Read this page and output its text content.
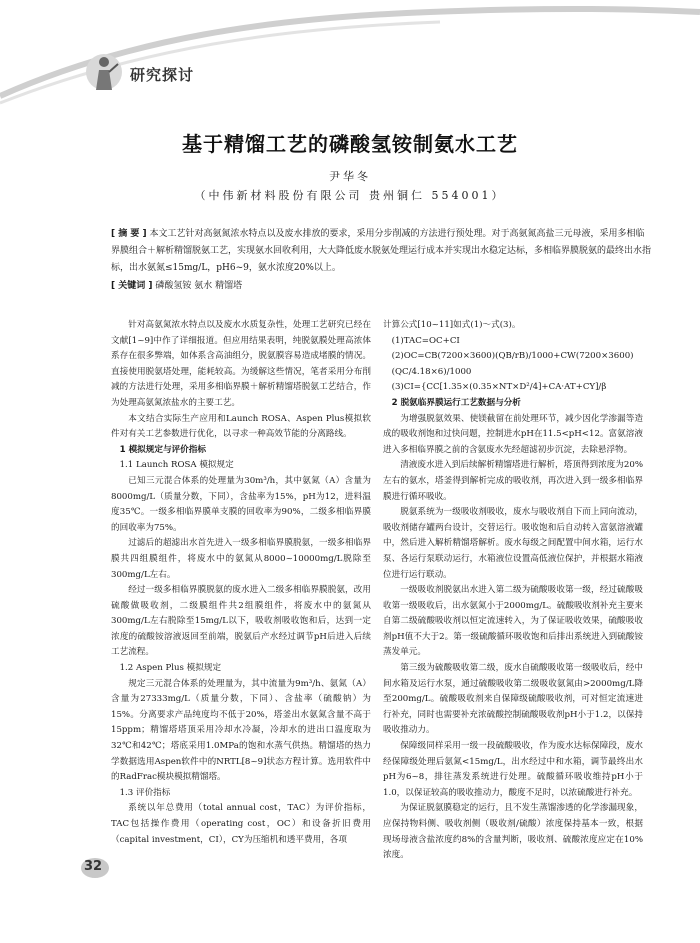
研究探讨
基于精馏工艺的磷酸氢铵制氨水工艺
尹华冬
（中伟新材料股份有限公司 贵州铜仁 554001）
[ 摘 要 ] 本文工艺针对高氨氮浓水特点以及废水排放的要求，采用分步削减的方法进行预处理。对于高氨氮高盐三元母液，采用多相临界膜组合＋解析精馏脱氨工艺，实现氨水回收利用，大大降低废水脱氨处理运行成本并实现出水稳定达标，多相临界膜脱氨的最终出水指标，出水氨氮≤15mg/L，pH6~9，氨水浓度20%以上。
[ 关键词 ] 磷酸氢铵 氨水 精馏塔

针对高氨氮浓水特点以及废水水质复杂性，处理工艺研究已经在文献[1~9]中作了详细报道。但应用结果表明，纯脱氨膜处理高浓体系存在很多弊端，如体系含高油组分，脱氨膜容易造成堵膜的情况。直接使用脱氨塔处理，能耗较高。为缓解这些情况，笔者采用分布削减的方法进行处理，采用多相临界膜＋解析精馏塔脱氨工艺结合，作为处理高氨氮浓盐水的主要工艺。

本文结合实际生产应用和Launch ROSA、Aspen Plus模拟软件对有关工艺参数进行优化，以寻求一种高效节能的分离路线。

1 模拟规定与评价指标

1.1 Launch ROSA 模拟规定

已知三元混合体系的处理量为30m³/h，其中氨氮（A）含量为8000mg/L（质量分数，下同），含盐率为15%，pH为12，进料温度35℃。一级多相临界膜单支膜的回收率为90%，二级多相临界膜的回收率为75%。

过滤后的超滤出水首先进入一级多相临界膜脱氨，一级多相临界膜共四组膜组件，将废水中的氨氮从8000~10000mg/L脱除至300mg/L左右。

经过一级多相临界膜脱氨的废水进入二级多相临界膜脱氨，改用硫酸做吸收剂，二级膜组件共2组膜组件，将废水中的氨氮从300mg/L左右脱除至15mg/L以下，吸收剂吸收饱和后，达到一定浓度的硫酸铵溶液返回至前端，脱氨后产水经过调节pH后进入后续工艺流程。

1.2 Aspen Plus 模拟规定

规定三元混合体系的处理量为，其中流量为9m³/h、氨氮（A）含量为27333mg/L（质量分数，下同）、含盐率（硫酸钠）为15%。分离要求产品纯度均不低于20%，塔釜出水氨氮含量不高于15ppm；精馏塔塔顶采用冷却水冷凝，冷却水的进出口温度取为32℃和42℃；塔底采用1.0MPa的饱和水蒸气供热。精馏塔的热力学数据选用Aspen软件中的NRTL[8~9]状态方程计算。选用软件中的RadFrac模块模拟精馏塔。

1.3 评价指标

系统以年总费用（total annual cost，TAC）为评价指标，TAC包括操作费用（operating cost，OC）和设备折旧费用（capital investment，CI），CY为压缩机和透平费用，各项

计算公式[10~11]如式(1)～式(3)。

(1)TAC=OC+CI

(2)OC=CB(7200×3600)(QB/rB)/1000+CW(7200×3600)(QC/4.18×6)/1000

(3)CI={CC[1.35×(0.35×NT×D²/4]+CA·AT+CY]/β

2 脱氨临界膜运行工艺数据与分析

为增强脱氨效果、使镁截留在前处理环节，减少因化学渗漏等造成的吸收剂饱和过快问题，控制进水pH在11.5<pH<12。富氨溶液进入多相临界膜之前的含氨废水先经超滤初步沉淀，去除悬浮物。

清液废水进入到后续解析精馏塔进行解析，塔顶得到浓度为20%左右的氨水，塔釜得到解析完成的吸收剂，再次进入到一级多相临界膜进行循环吸收。

脱氨系统为一级吸收剂吸收，废水与吸收剂自下而上同向流动，吸收剂储存罐两台设计，交替运行。吸收饱和后自动转入富氨溶液罐中，然后进入解析精馏塔解析。废水每级之间配置中间水箱，运行水泵、各运行泵联动运行，水箱液位设置高低液位保护，并根据水箱液位进行运行联动。

一级吸收剂脱氨出水进入第二级为硫酸吸收第一级，经过硫酸吸收第一级吸收后，出水氨氮小于2000mg/L。硫酸吸收剂补充主要来自第二级硫酸吸收剂以恒定流速转入，为了保证吸收效果，硫酸吸收剂pH值不大于2。第一级硫酸循环吸收饱和后排出系统进入到硫酸铵蒸发单元。

第三级为硫酸吸收第二级，废水自硫酸吸收第一级吸收后，经中间水箱及运行水泵，通过硫酸吸收第二级吸收氨氮由>2000mg/L降至200mg/L。硫酸吸收剂来自保障级硫酸吸收剂，可对恒定流速进行补充，同时也需要补充浓硫酸控制硫酸吸收剂pH小于1.2，以保持吸收推动力。

保障级同样采用一级一段硫酸吸收，作为废水达标保障段，废水经保障级处理后氨氮<15mg/L，出水经过中和水箱，调节最终出水pH为6~8，排往蒸发系统进行处理。硫酸循环吸收维持pH小于1.0，以保证较高的吸收推动力，酸度不足时，以浓硫酸进行补充。

为保证脱氨膜稳定的运行，且不发生蒸馏渗透的化学渗漏现象，应保持物料侧、吸收剂侧（吸收剂/硫酸）浓度保持基本一致，根据现场母液含盐浓度约8%的含量判断，吸收剂、硫酸浓度应定在10%浓度。

32
